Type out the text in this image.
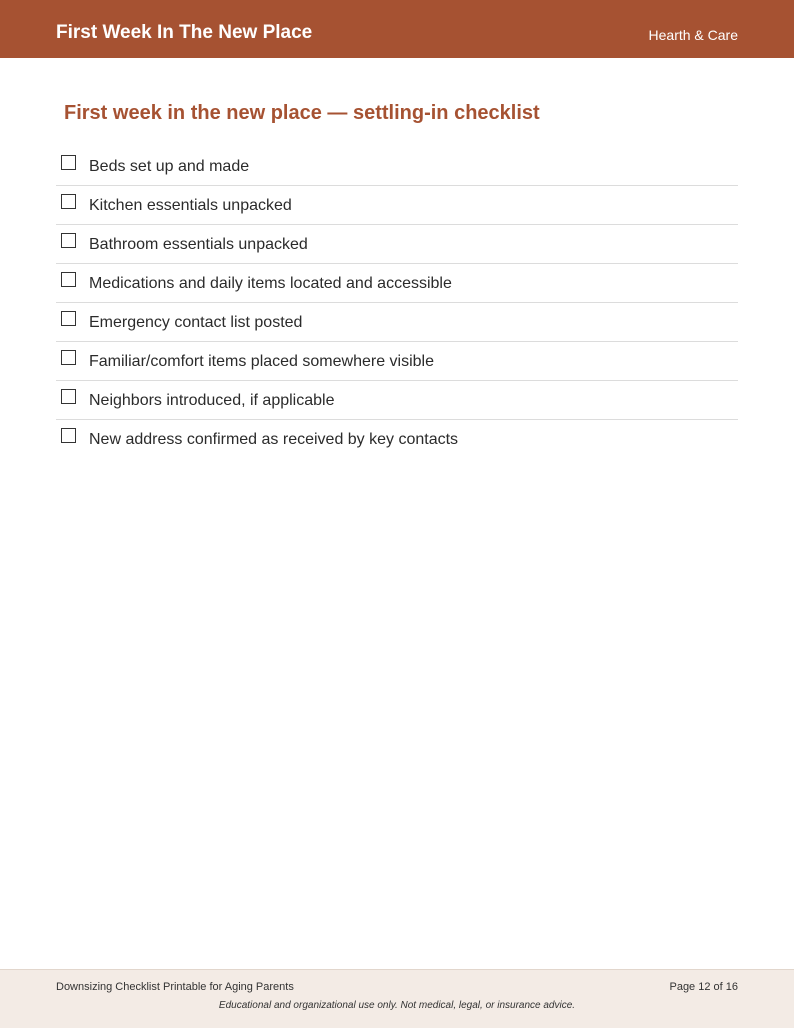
First Week In The New Place	Hearth & Care
First week in the new place — settling-in checklist
Beds set up and made
Kitchen essentials unpacked
Bathroom essentials unpacked
Medications and daily items located and accessible
Emergency contact list posted
Familiar/comfort items placed somewhere visible
Neighbors introduced, if applicable
New address confirmed as received by key contacts
Downsizing Checklist Printable for Aging Parents	Page 12 of 16
Educational and organizational use only. Not medical, legal, or insurance advice.
